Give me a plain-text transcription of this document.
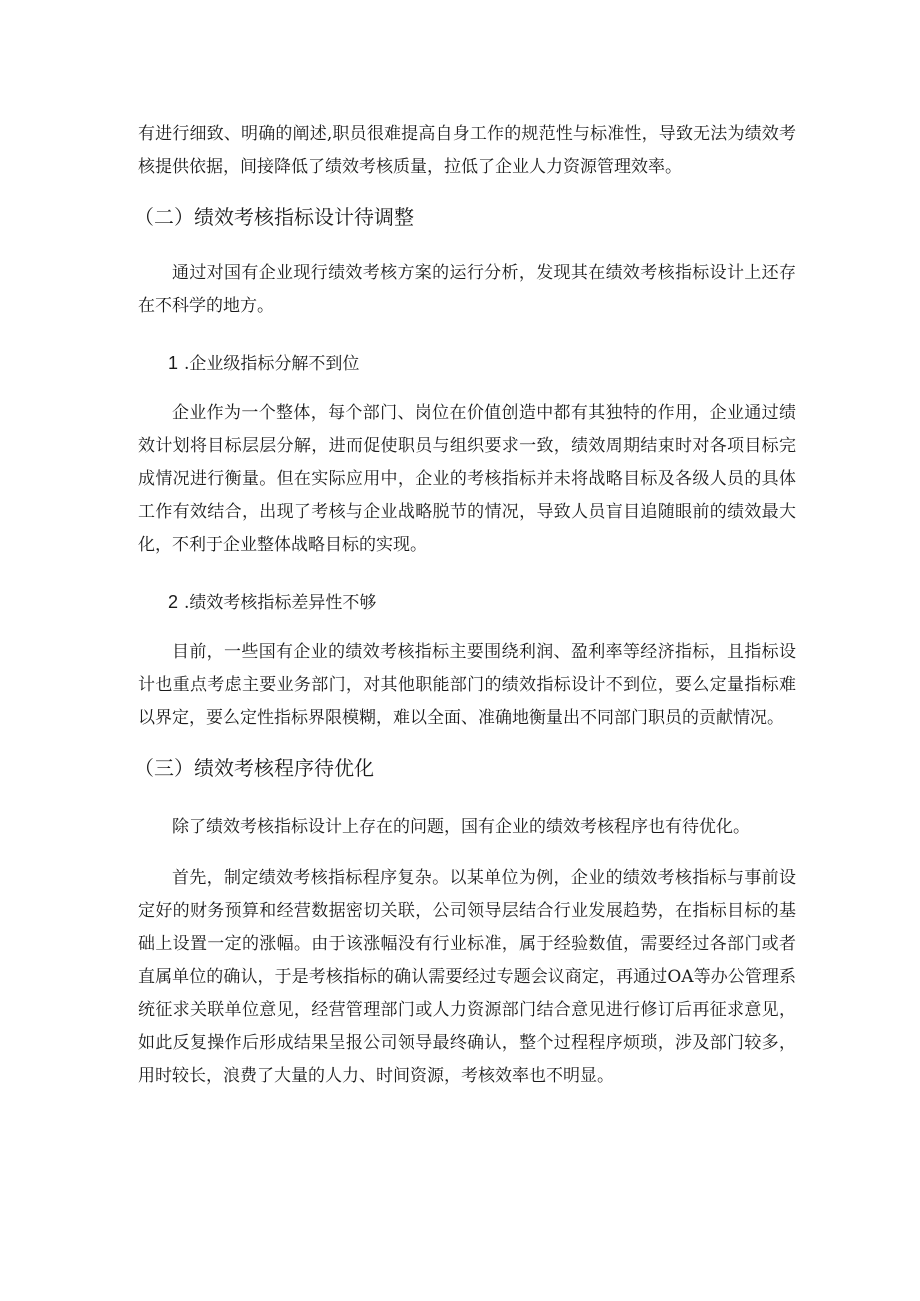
有进行细致、明确的阐述,职员很难提高自身工作的规范性与标准性，导致无法为绩效考核提供依据，间接降低了绩效考核质量，拉低了企业人力资源管理效率。

（二）绩效考核指标设计待调整

通过对国有企业现行绩效考核方案的运行分析，发现其在绩效考核指标设计上还存在不科学的地方。

1 .企业级指标分解不到位

企业作为一个整体，每个部门、岗位在价值创造中都有其独特的作用，企业通过绩效计划将目标层层分解，进而促使职员与组织要求一致，绩效周期结束时对各项目标完成情况进行衡量。但在实际应用中，企业的考核指标并未将战略目标及各级人员的具体工作有效结合，出现了考核与企业战略脱节的情况，导致人员盲目追随眼前的绩效最大化，不利于企业整体战略目标的实现。

2 .绩效考核指标差异性不够

目前，一些国有企业的绩效考核指标主要围绕利润、盈利率等经济指标，且指标设计也重点考虑主要业务部门，对其他职能部门的绩效指标设计不到位，要么定量指标难以界定，要么定性指标界限模糊，难以全面、准确地衡量出不同部门职员的贡献情况。

（三）绩效考核程序待优化

除了绩效考核指标设计上存在的问题，国有企业的绩效考核程序也有待优化。

首先，制定绩效考核指标程序复杂。以某单位为例，企业的绩效考核指标与事前设定好的财务预算和经营数据密切关联，公司领导层结合行业发展趋势，在指标目标的基础上设置一定的涨幅。由于该涨幅没有行业标准，属于经验数值，需要经过各部门或者直属单位的确认，于是考核指标的确认需要经过专题会议商定，再通过OA等办公管理系统征求关联单位意见，经营管理部门或人力资源部门结合意见进行修订后再征求意见，如此反复操作后形成结果呈报公司领导最终确认，整个过程程序烦琐，涉及部门较多，用时较长，浪费了大量的人力、时间资源，考核效率也不明显。
